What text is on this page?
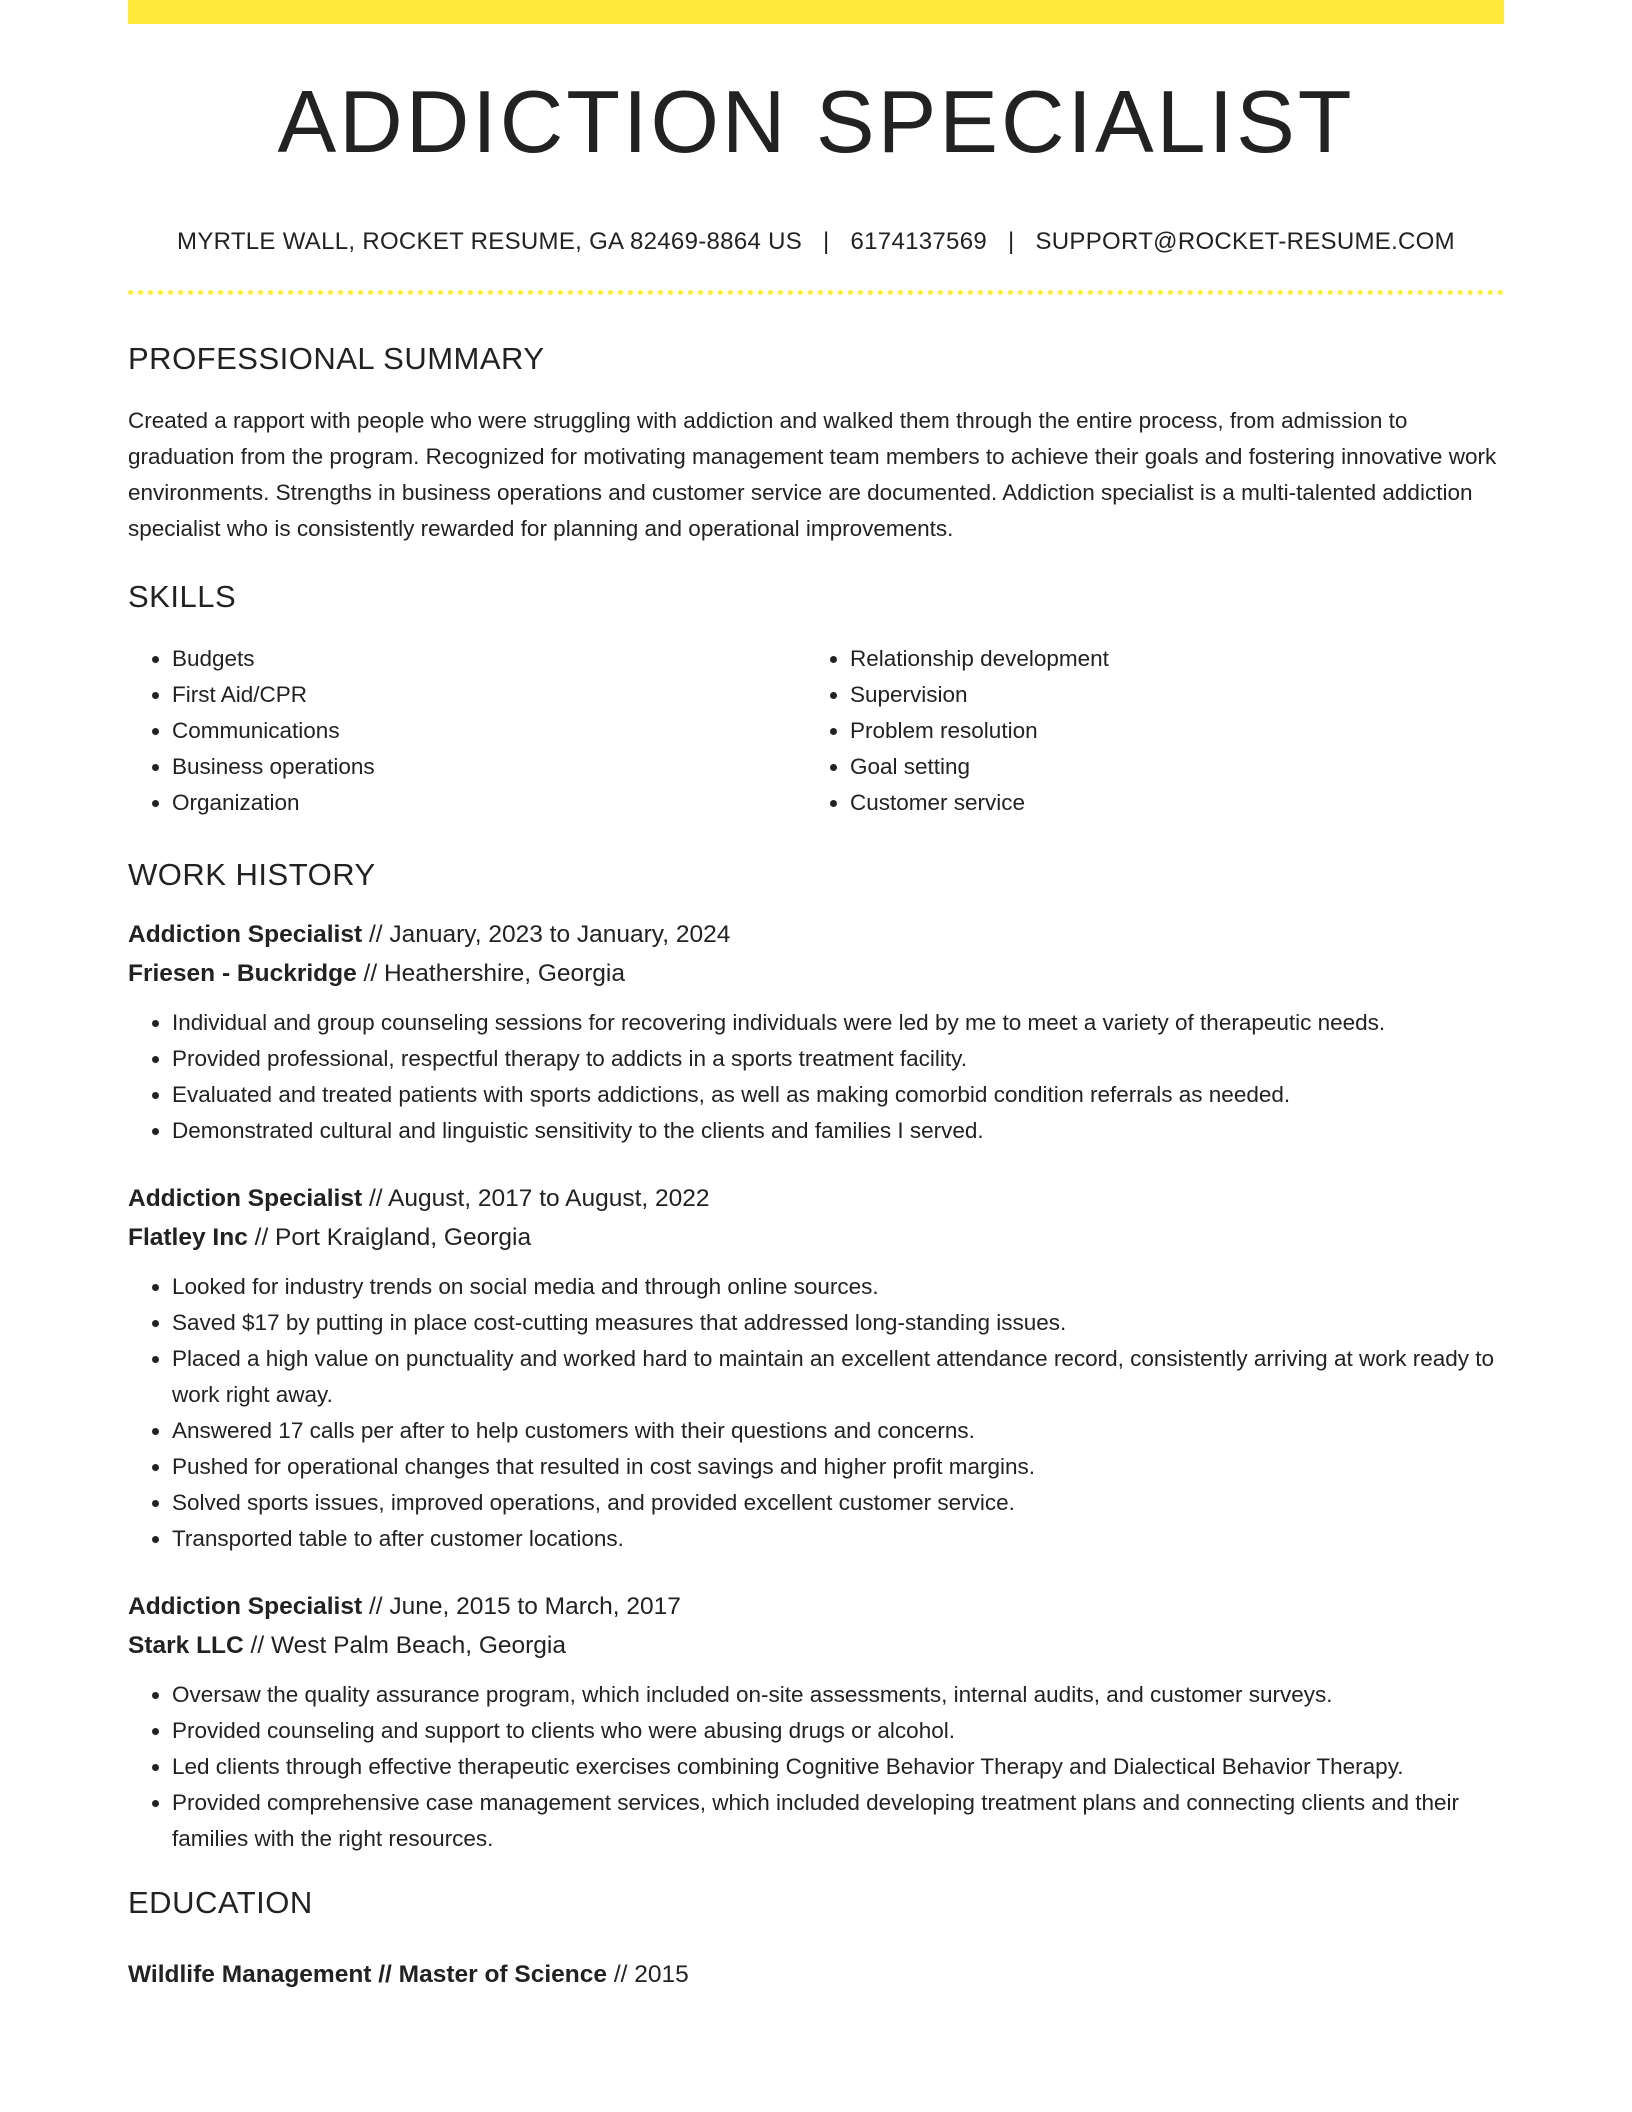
ADDICTION SPECIALIST
MYRTLE WALL, ROCKET RESUME, GA 82469-8864 US | 6174137569 | SUPPORT@ROCKET-RESUME.COM
PROFESSIONAL SUMMARY

Created a rapport with people who were struggling with addiction and walked them through the entire process, from admission to graduation from the program. Recognized for motivating management team members to achieve their goals and fostering innovative work environments. Strengths in business operations and customer service are documented. Addiction specialist is a multi-talented addiction specialist who is consistently rewarded for planning and operational improvements.

SKILLS
• Budgets
• First Aid/CPR
• Communications
• Business operations
• Organization
• Relationship development
• Supervision
• Problem resolution
• Goal setting
• Customer service
WORK HISTORY
Addiction Specialist // January, 2023 to January, 2024
Friesen - Buckridge // Heathershire, Georgia
• Individual and group counseling sessions for recovering individuals were led by me to meet a variety of therapeutic needs.
• Provided professional, respectful therapy to addicts in a sports treatment facility.
• Evaluated and treated patients with sports addictions, as well as making comorbid condition referrals as needed.
• Demonstrated cultural and linguistic sensitivity to the clients and families I served.
Addiction Specialist // August, 2017 to August, 2022
Flatley Inc // Port Kraigland, Georgia
• Looked for industry trends on social media and through online sources.
• Saved $17 by putting in place cost-cutting measures that addressed long-standing issues.
• Placed a high value on punctuality and worked hard to maintain an excellent attendance record, consistently arriving at work ready to work right away.
• Answered 17 calls per after to help customers with their questions and concerns.
• Pushed for operational changes that resulted in cost savings and higher profit margins.
• Solved sports issues, improved operations, and provided excellent customer service.
• Transported table to after customer locations.
Addiction Specialist // June, 2015 to March, 2017
Stark LLC // West Palm Beach, Georgia
• Oversaw the quality assurance program, which included on-site assessments, internal audits, and customer surveys.
• Provided counseling and support to clients who were abusing drugs or alcohol.
• Led clients through effective therapeutic exercises combining Cognitive Behavior Therapy and Dialectical Behavior Therapy.
• Provided comprehensive case management services, which included developing treatment plans and connecting clients and their families with the right resources.
EDUCATION
Wildlife Management // Master of Science // 2015
